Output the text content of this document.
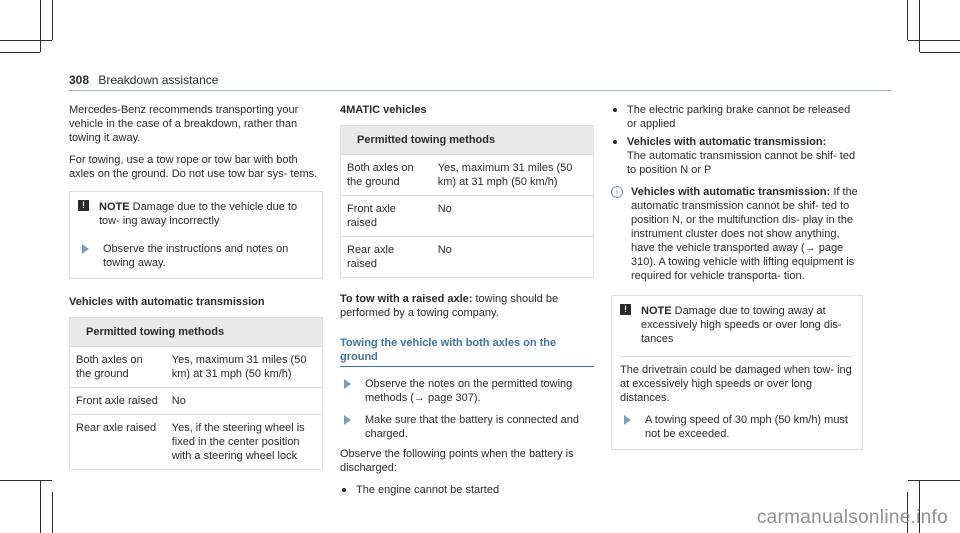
308 Breakdown assistance

Mercedes-Benz recommends transporting your vehicle in the case of a breakdown, rather than towing it away.

For towing, use a tow rope or tow bar with both axles on the ground. Do not use tow bar sys- tems.

!	NOTE Damage due to the vehicle due to tow- ing away incorrectly
Observe the instructions and notes on towing away.

Vehicles with automatic transmission

Permitted towing methods	
Both axles on the ground	Yes, maximum 31 miles (50 km) at 31 mph (50 km/h)
Front axle raised	No
Rear axle raised	Yes, if the steering wheel is fixed in the center position with a steering wheel lock

4MATIC vehicles

Permitted towing methods	
Both axles on the ground	Yes, maximum 31 miles (50 km) at 31 mph (50 km/h)
Front axle raised	No
Rear axle raised	No

To tow with a raised axle: towing should be performed by a towing company.

Towing the vehicle with both axles on the ground
Observe the notes on the permitted towing methods (→ page 307).
Make sure that the battery is connected and charged.

Observe the following points when the battery is discharged:

The engine cannot be started
The electric parking brake cannot be released or applied
Vehicles with automatic transmission:
The automatic transmission cannot be shif- ted to position N or P
i	Vehicles with automatic transmission: If the automatic transmission cannot be shif- ted to position N, or the multifunction dis- play in the instrument cluster does not show anything, have the vehicle transported away (→ page 310). A towing vehicle with lifting equipment is required for vehicle transporta- tion.
!	NOTE Damage due to towing away at excessively high speeds or over long dis- tances

The drivetrain could be damaged when tow- ing at excessively high speeds or over long distances.

A towing speed of 30 mph (50 km/h) must not be exceeded.
carmanualsonline.info
